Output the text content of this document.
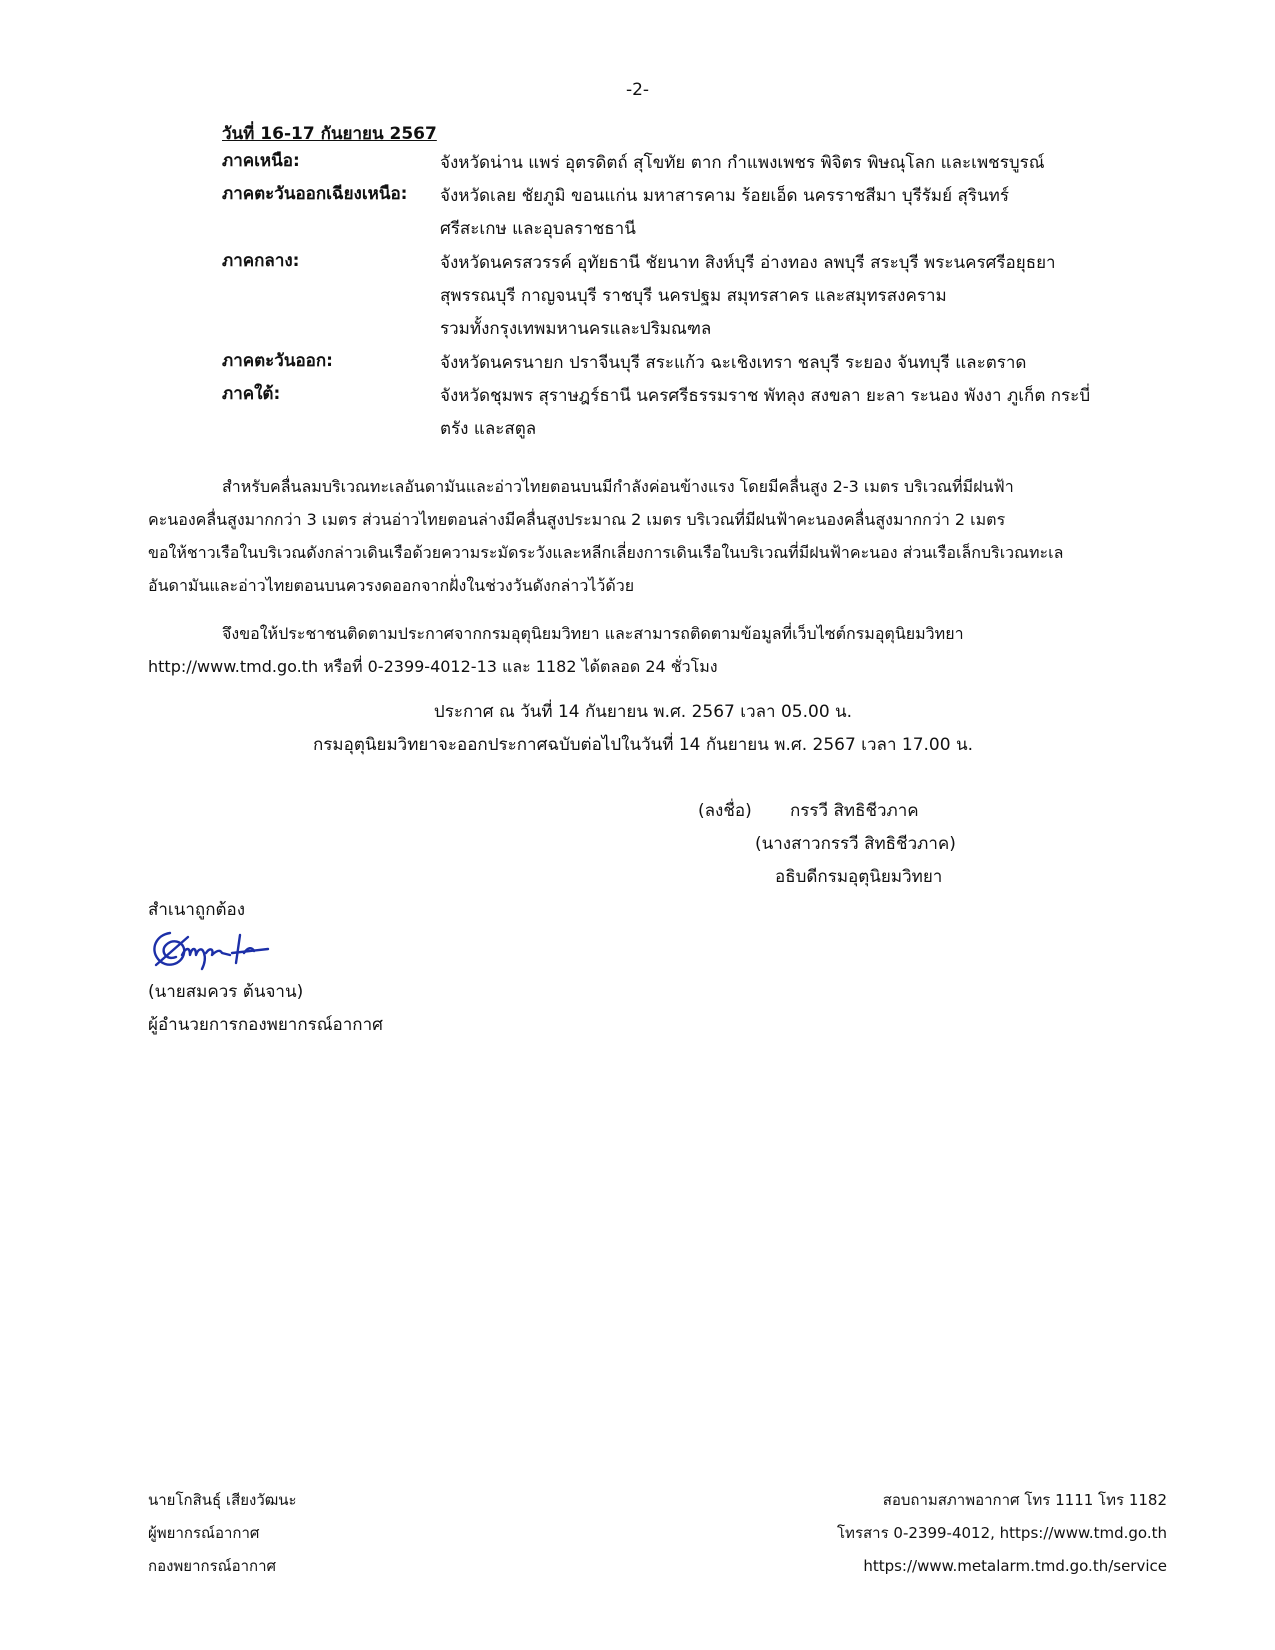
-2-
วันที่ 16-17 กันยายน 2567
ภาคเหนือ:	จังหวัดน่าน แพร่ อุตรดิตถ์ สุโขทัย ตาก กำแพงเพชร พิจิตร พิษณุโลก และเพชรบูรณ์
ภาคตะวันออกเฉียงเหนือ: จังหวัดเลย ชัยภูมิ ขอนแก่น มหาสารคาม ร้อยเอ็ด นครราชสีมา บุรีรัมย์ สุรินทร์
ศรีสะเกษ และอุบลราชธานี
ภาคกลาง:	จังหวัดนครสวรรค์ อุทัยธานี ชัยนาท สิงห์บุรี อ่างทอง ลพบุรี สระบุรี พระนครศรีอยุธยา
สุพรรณบุรี กาญจนบุรี ราชบุรี นครปฐม สมุทรสาคร และสมุทรสงคราม
รวมทั้งกรุงเทพมหานครและปริมณฑล
ภาคตะวันออก:	จังหวัดนครนายก ปราจีนบุรี สระแก้ว ฉะเชิงเทรา ชลบุรี ระยอง จันทบุรี และตราด
ภาคใต้:	จังหวัดชุมพร สุราษฎร์ธานี นครศรีธรรมราช พัทลุง สงขลา ยะลา ระนอง พังงา ภูเก็ต กระบี่
ตรัง และสตูล
สำหรับคลื่นลมบริเวณทะเลอันดามันและอ่าวไทยตอนบนมีกำลังค่อนข้างแรง โดยมีคลื่นสูง 2-3 เมตร บริเวณที่มีฝนฟ้า
คะนองคลื่นสูงมากกว่า 3 เมตร ส่วนอ่าวไทยตอนล่างมีคลื่นสูงประมาณ 2 เมตร บริเวณที่มีฝนฟ้าคะนองคลื่นสูงมากกว่า 2 เมตร
ขอให้ชาวเรือในบริเวณดังกล่าวเดินเรือด้วยความระมัดระวังและหลีกเลี่ยงการเดินเรือในบริเวณที่มีฝนฟ้าคะนอง ส่วนเรือเล็กบริเวณทะเล
อันดามันและอ่าวไทยตอนบนควรงดออกจากฝั่งในช่วงวันดังกล่าวไว้ด้วย
จึงขอให้ประชาชนติดตามประกาศจากกรมอุตุนิยมวิทยา และสามารถติดตามข้อมูลที่เว็บไซต์กรมอุตุนิยมวิทยา
http://www.tmd.go.th หรือที่ 0-2399-4012-13 และ 1182 ได้ตลอด 24 ชั่วโมง
ประกาศ ณ วันที่ 14 กันยายน พ.ศ. 2567 เวลา 05.00 น.
กรมอุตุนิยมวิทยาจะออกประกาศฉบับต่อไปในวันที่ 14 กันยายน พ.ศ. 2567 เวลา 17.00 น.
(ลงชื่อ) กรรวี สิทธิชีวภาค
(นางสาวกรรวี สิทธิชีวภาค)
อธิบดีกรมอุตุนิยมวิทยา
สำเนาถูกต้อง
(นายสมควร ต้นจาน)
ผู้อำนวยการกองพยากรณ์อากาศ
นายโกสินธุ์ เสียงวัฒนะ
ผู้พยากรณ์อากาศ
กองพยากรณ์อากาศ
สอบถามสภาพอากาศ โทร 1111 โทร 1182
โทรสาร 0-2399-4012, https://www.tmd.go.th
https://www.metalarm.tmd.go.th/service
